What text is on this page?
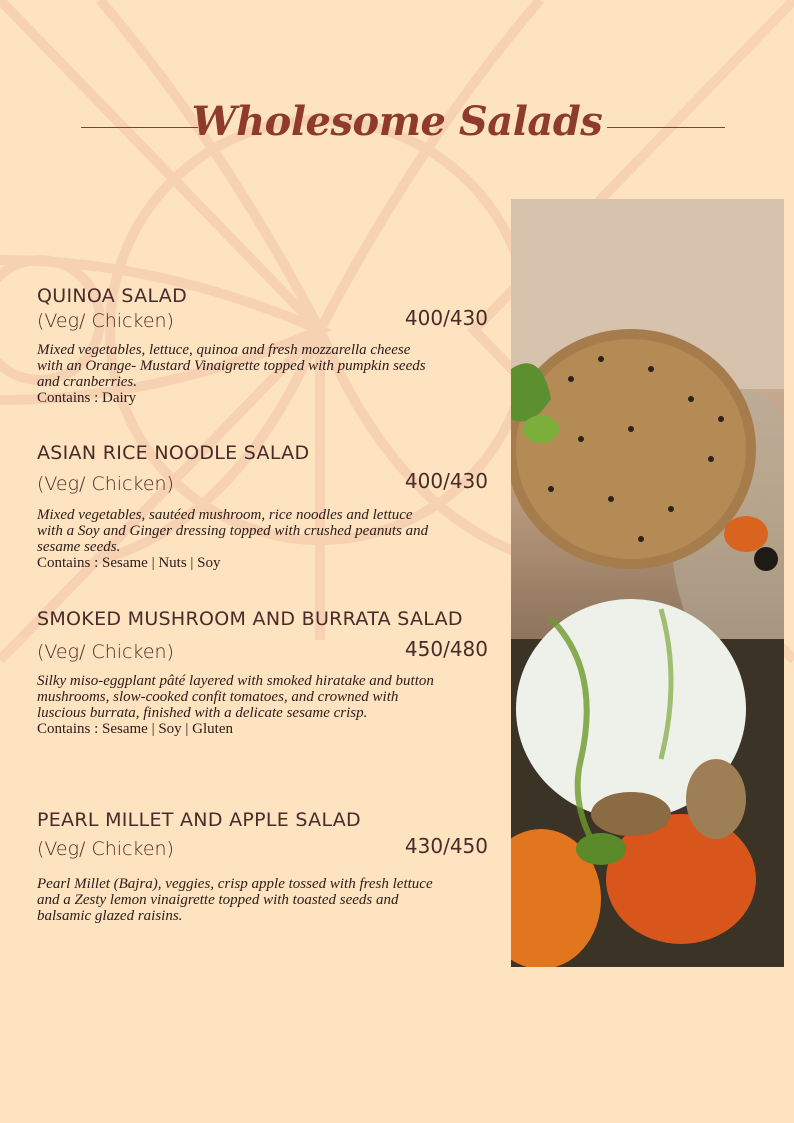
Wholesome Salads
QUINOA SALAD
(Veg/ Chicken)	400/430
Mixed vegetables, lettuce, quinoa and fresh mozzarella cheese with an Orange- Mustard Vinaigrette topped with pumpkin seeds and cranberries.
Contains : Dairy
ASIAN RICE NOODLE SALAD
(Veg/ Chicken)	400/430
Mixed vegetables, sautéed mushroom, rice noodles and lettuce with a Soy and Ginger dressing topped with crushed peanuts and sesame seeds.
Contains : Sesame | Nuts | Soy
SMOKED MUSHROOM AND BURRATA SALAD
(Veg/ Chicken)	450/480
Silky miso-eggplant pâté layered with smoked hiratake and button mushrooms, slow-cooked confit tomatoes, and crowned with luscious burrata, finished with a delicate sesame crisp.
Contains : Sesame | Soy | Gluten
PEARL MILLET AND APPLE SALAD
(Veg/ Chicken)	430/450
Pearl Millet (Bajra), veggies, crisp apple tossed with fresh lettuce and a Zesty lemon vinaigrette topped with toasted seeds and balsamic glazed raisins.
